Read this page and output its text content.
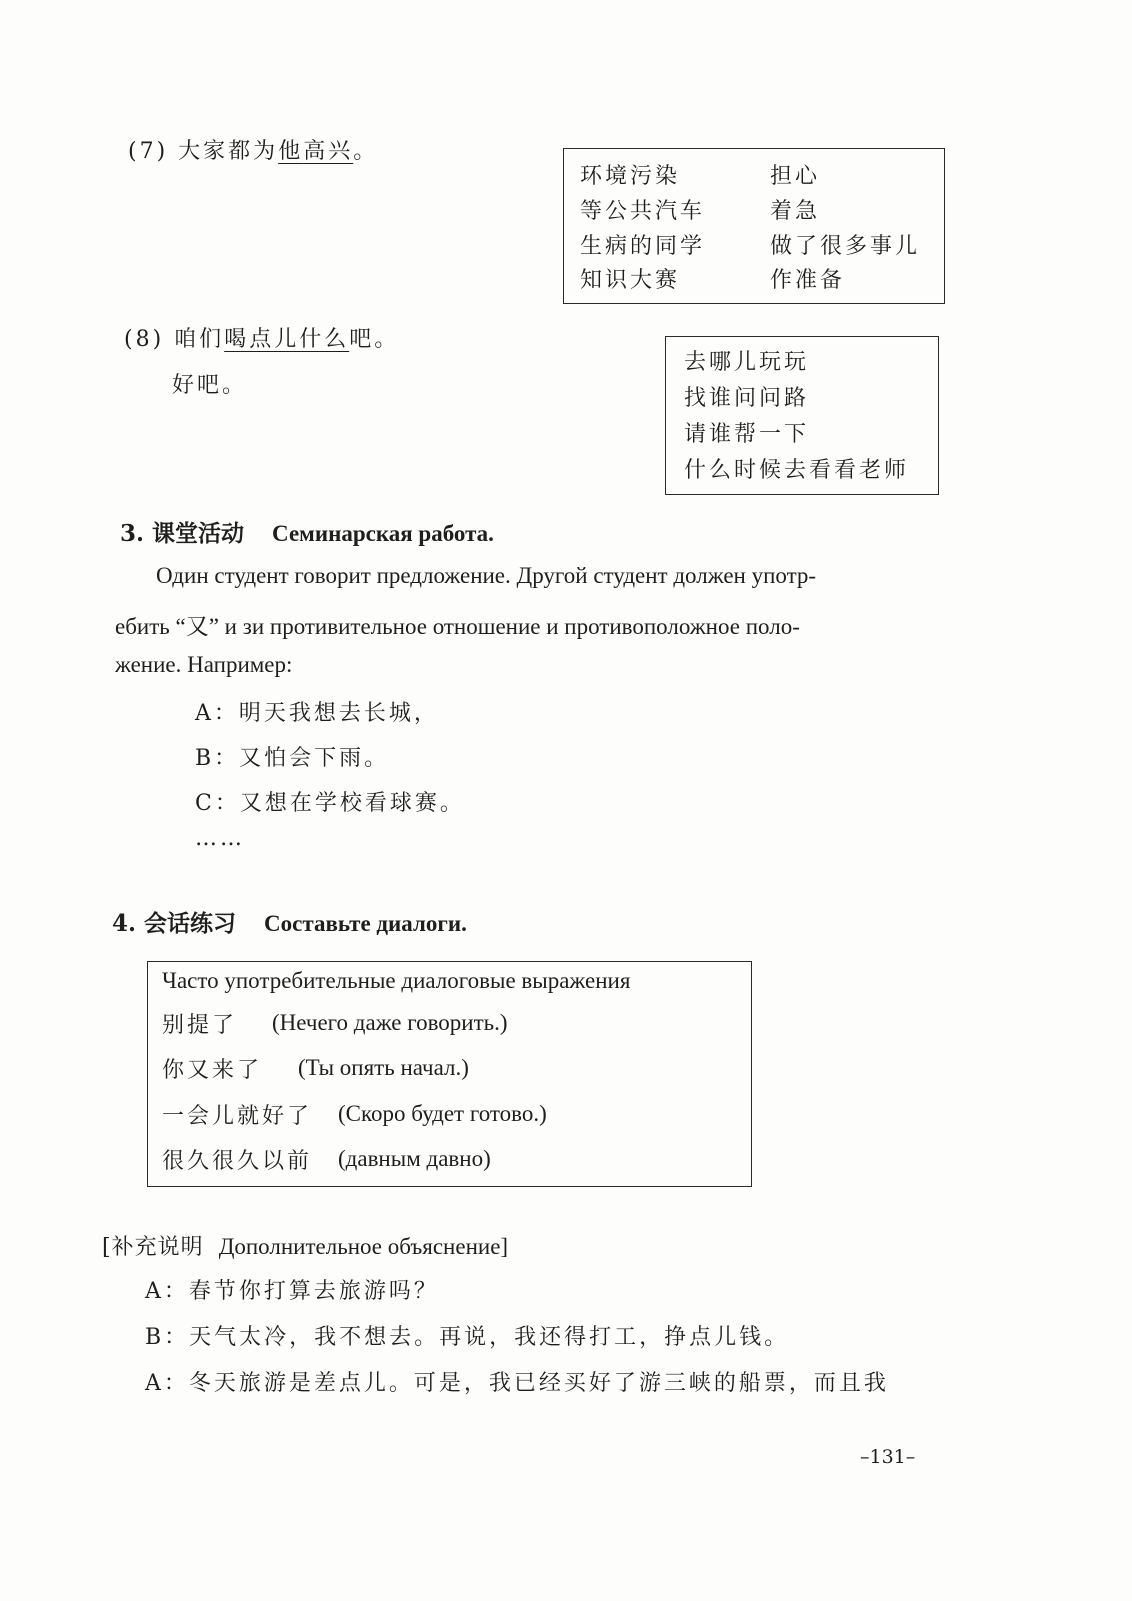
(7) 大家都为他高兴。
环境污染	担心
等公共汽车	着急
生病的同学	做了很多事儿
知识大赛	作准备
(8) 咱们喝点儿什么吧。
好吧。
去哪儿玩玩
找谁问问路
请谁帮一下
什么时候去看看老师
3. 课堂活动 Семинарская работа.
Один студент говорит предложение. Другой студент должен употр-
ебить “又” и зи противительное отношение и противоположное поло-
жение. Например:
A：明天我想去长城，
B：又怕会下雨。
C：又想在学校看球赛。
……
4. 会话练习 Составьте диалоги.
Часто употребительные диалоговые выражения
别提了 (Нечего даже говорить.)
你又来了 (Ты опять начал.)
一会儿就好了 (Скоро будет готово.)
很久很久以前 (давным давно)
[补充说明 Дополнительное объяснение]
A：春节你打算去旅游吗？
B：天气太冷，我不想去。再说，我还得打工，挣点儿钱。
A：冬天旅游是差点儿。可是，我已经买好了游三峡的船票，而且我
–131–
